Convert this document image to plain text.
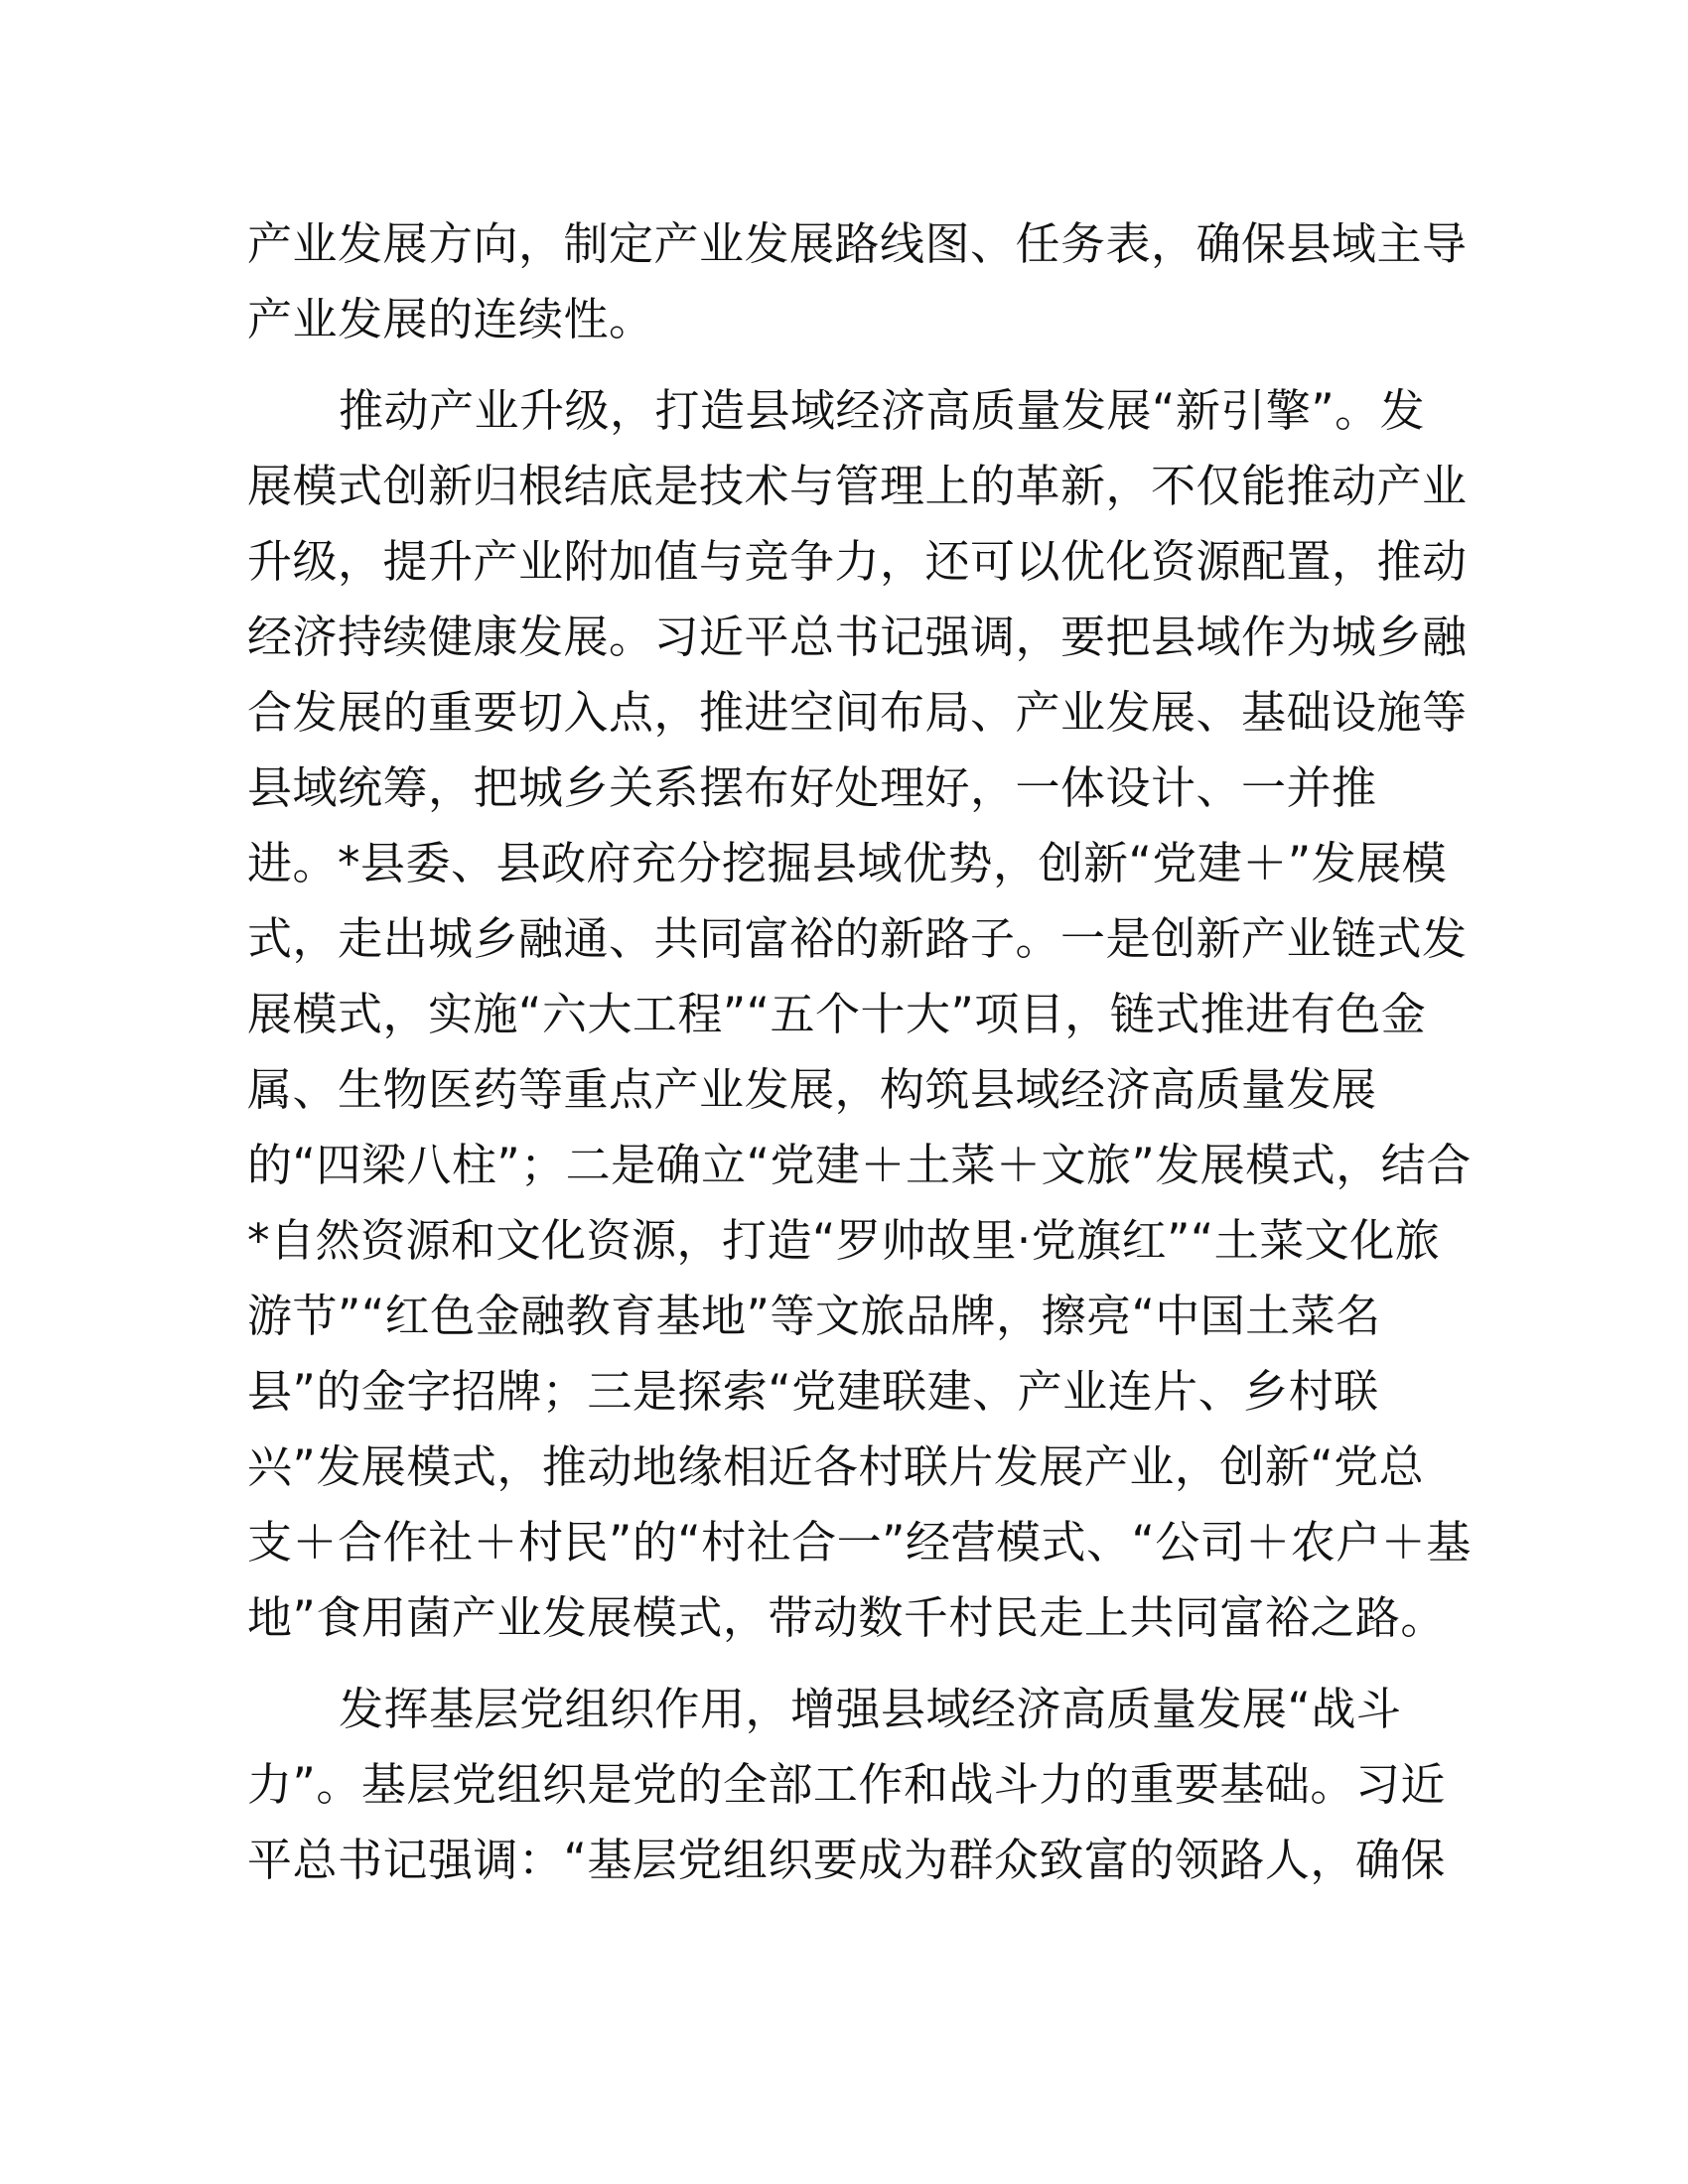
产业发展方向，制定产业发展路线图、任务表，确保县域主导
产业发展的连续性。

推动产业升级，打造县域经济高质量发展“新引擎”。发
展模式创新归根结底是技术与管理上的革新，不仅能推动产业
升级，提升产业附加值与竞争力，还可以优化资源配置，推动
经济持续健康发展。习近平总书记强调，要把县域作为城乡融
合发展的重要切入点，推进空间布局、产业发展、基础设施等
县域统筹，把城乡关系摆布好处理好，一体设计、一并推
进。*县委、县政府充分挖掘县域优势，创新“党建＋”发展模
式，走出城乡融通、共同富裕的新路子。一是创新产业链式发
展模式，实施“六大工程”“五个十大”项目，链式推进有色金
属、生物医药等重点产业发展，构筑县域经济高质量发展
的“四梁八柱”；二是确立“党建＋土菜＋文旅”发展模式，结合
*自然资源和文化资源，打造“罗帅故里·党旗红”“土菜文化旅
游节”“红色金融教育基地”等文旅品牌，擦亮“中国土菜名
县”的金字招牌；三是探索“党建联建、产业连片、乡村联
兴”发展模式，推动地缘相近各村联片发展产业，创新“党总
支＋合作社＋村民”的“村社合一”经营模式、“公司＋农户＋基
地”食用菌产业发展模式，带动数千村民走上共同富裕之路。

发挥基层党组织作用，增强县域经济高质量发展“战斗
力”。基层党组织是党的全部工作和战斗力的重要基础。习近
平总书记强调：“基层党组织要成为群众致富的领路人，确保
